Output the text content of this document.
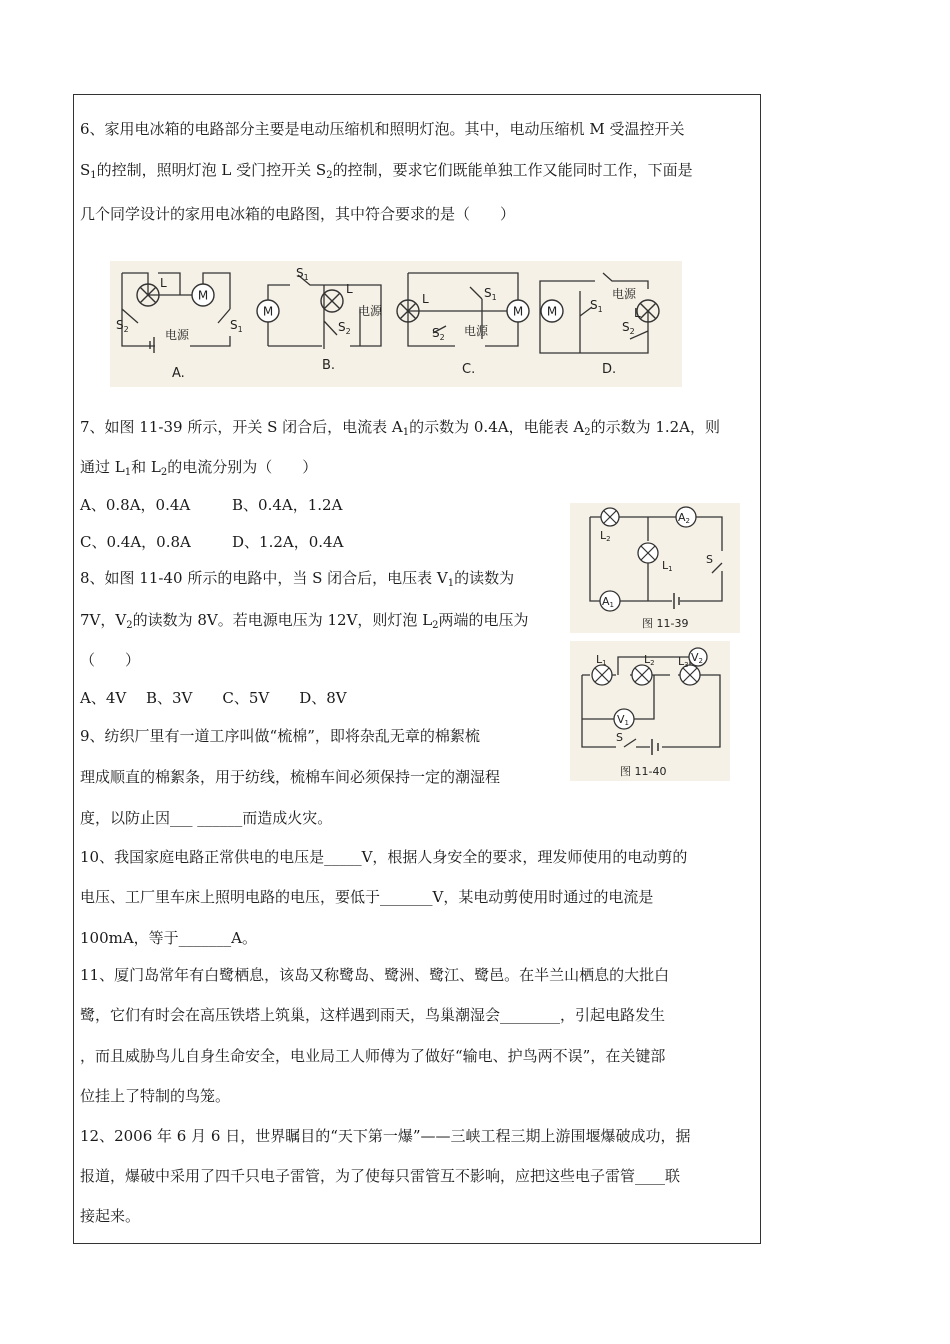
6、家用电冰箱的电路部分主要是电动压缩机和照明灯泡。其中，电动压缩机 M 受温控开关
$S_1$的控制，照明灯泡 L 受门控开关 $S_2$的控制，要求它们既能单独工作又能同时工作，下面是
几个同学设计的家用电冰箱的电路图，其中符合要求的是（　　）
M
L
电源
$S_2$	$S_1$
A.
$S_1$
L
电源
$S_2$
B.
L	$S_1$
$S_2$ 电源
C.
电源
$S_1$
$S_2$
L
D.
7、如图 11-39 所示，开关 S 闭合后，电流表 $A_1$的示数为 0.4A，电能表 $A_2$的示数为 1.2A，则
通过 $L_1$和 $L_2$的电流分别为（　　）
A、0.8A，0.4A	B、0.4A，1.2A
C、0.4A，0.8A	D、1.2A，0.4A
A2
A1
L2
L1
S
图 11-39
8、如图 11-40 所示的电路中，当 S 闭合后，电压表 $V_1$的读数为
7V，$V_2$的读数为 8V。若电源电压为 12V，则灯泡 $L_2$两端的电压为
（　　）
A、4V　 B、3V　　C、5V　　D、8V
L1	L2 L3
V2
V1
S
图 11-40
9、纺织厂里有一道工序叫做“梳棉”，即将杂乱无章的棉絮梳
理成顺直的棉絮条，用于纺线，梳棉车间必须保持一定的潮湿程
度，以防止因___ ______而造成火灾。
10、我国家庭电路正常供电的电压是_____V，根据人身安全的要求，理发师使用的电动剪的
电压、工厂里车床上照明电路的电压，要低于_______V，某电动剪使用时通过的电流是
100mA，等于_______A。
11、厦门岛常年有白鹭栖息，该岛又称鹭岛、鹭洲、鹭江、鹭邑。在半兰山栖息的大批白
鹭，它们有时会在高压铁塔上筑巢，这样遇到雨天，鸟巢潮湿会________，引起电路发生
，而且威胁鸟儿自身生命安全，电业局工人师傅为了做好“输电、护鸟两不误”，在关键部
位挂上了特制的鸟笼。
12、2006 年 6 月 6 日，世界瞩目的“天下第一爆”——三峡工程三期上游围堰爆破成功，据
报道，爆破中采用了四千只电子雷管，为了使每只雷管互不影响，应把这些电子雷管____联
接起来。
